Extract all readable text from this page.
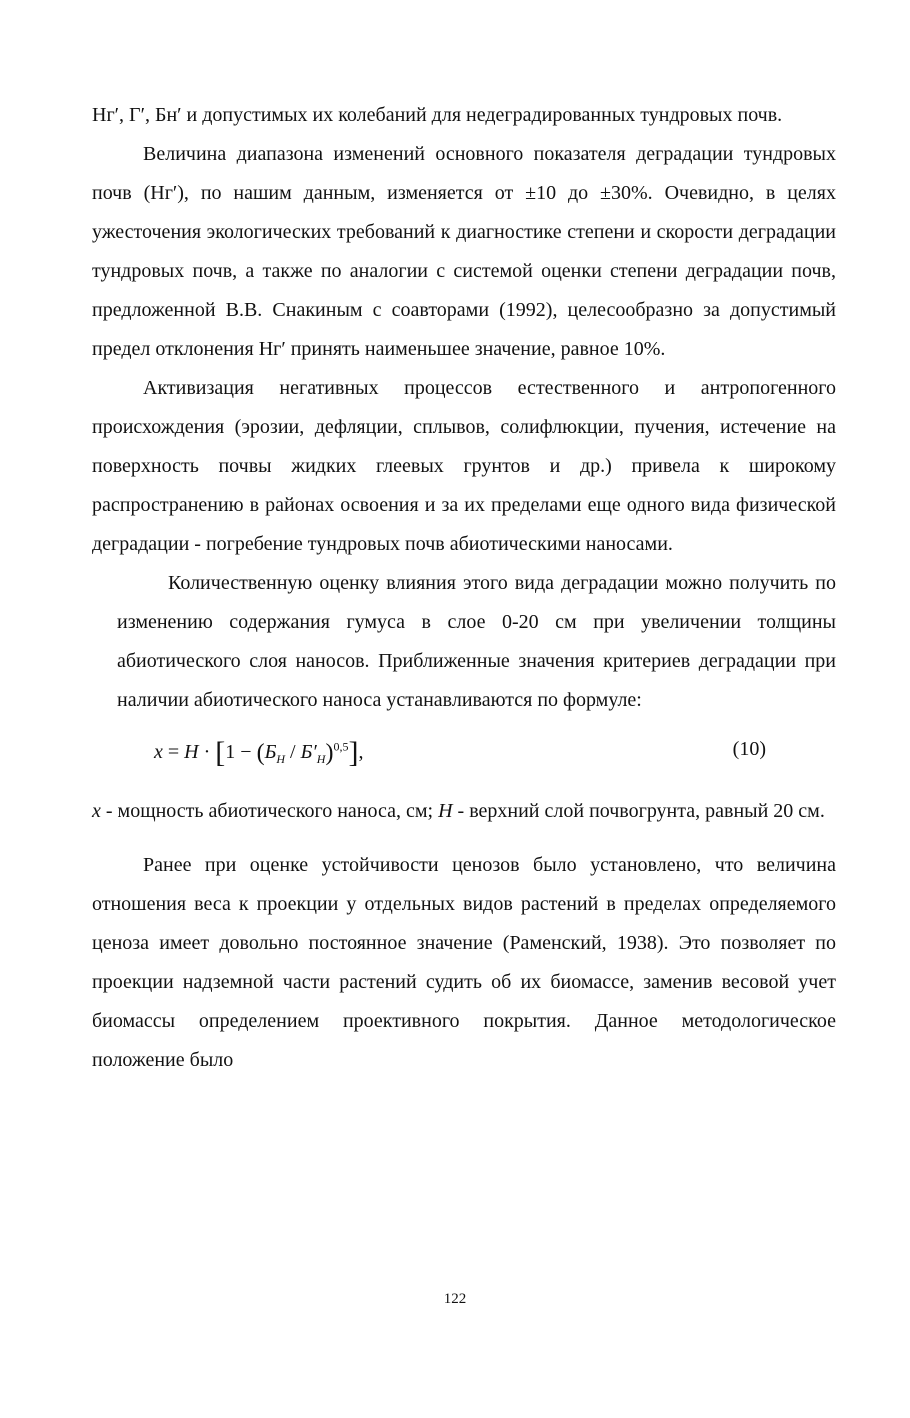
Нг′, Г′, Бн′ и допустимых их колебаний для недеградированных тундровых почв.

Величина диапазона изменений основного показателя деградации тундровых почв (Нг′), по нашим данным, изменяется от ±10 до ±30%. Очевидно, в целях ужесточения экологических требований к диагностике степени и скорости деградации тундровых почв, а также по аналогии с системой оценки степени деградации почв, предложенной В.В. Снакиным с соавторами (1992), целесообразно за допустимый предел отклонения Нг′ принять наименьшее значение, равное 10%.

Активизация негативных процессов естественного и антропогенного происхождения (эрозии, дефляции, сплывов, солифлюкции, пучения, истечение на поверхность почвы жидких глеевых грунтов и др.) привела к широкому распространению в районах освоения и за их пределами еще одного вида физической деградации - погребение тундровых почв абиотическими наносами.

Количественную оценку влияния этого вида деградации можно получить по изменению содержания гумуса в слое 0-20 см при увеличении толщины абиотического слоя наносов. Приближенные значения критериев деградации при наличии абиотического наноса устанавливаются по формуле:

$x = H \cdot [1 - (Б_Н / Б'_Н)^{0,5}]$,	(10)

x - мощность абиотического наноса, см; H - верхний слой почвогрунта, равный 20 см.

Ранее при оценке устойчивости ценозов было установлено, что величина отношения веса к проекции у отдельных видов растений в пределах определяемого ценоза имеет довольно постоянное значение (Раменский, 1938). Это позволяет по проекции надземной части растений судить об их биомассе, заменив весовой учет биомассы определением проективного покрытия. Данное методологическое положение было

122
